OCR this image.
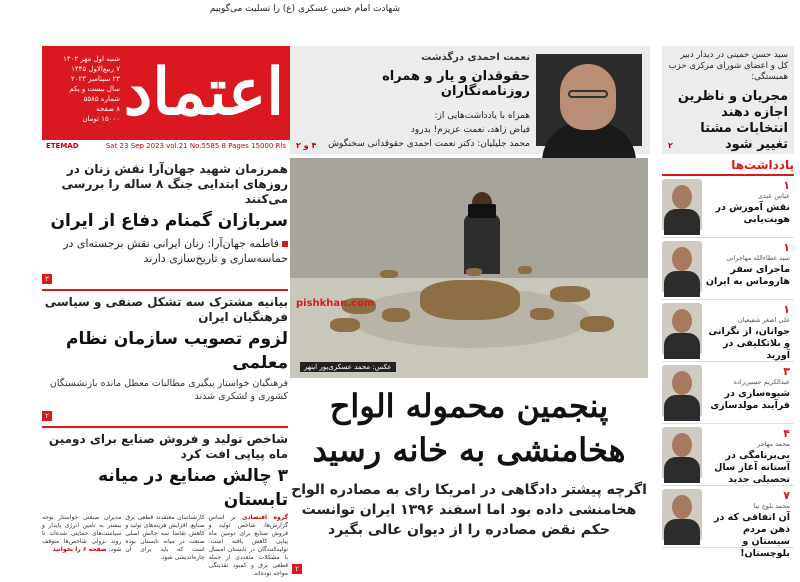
شهادت امام حسن عسکری (ع) را تسلیت می‌گوییم
اعتماد
شنبه اول مهر ۱۴۰۲
۷ ربیع‌الاول ۱۴۴۵
۲۳ سپتامبر ۲۰۲۳
سال بیست و یکم
شماره ۵۵۸۵
۸ صفحه
۱۵۰۰۰ تومان
ETEMAD	Sat 23 Sep 2023 vol.21 No.5585 8 Pages 15000 Rls
نعمت احمدی درگذشت
حقوقدان و یار و همراه روزنامه‌نگاران
همراه با یادداشت‌هایی از:
فیاض زاهد، نعمت عزیزم! بدرود
محمد جلیلیان: دکتر نعمت احمدی حقوقدانی سخنگوش
۴ و ۲
سید حسن خمینی در دیدار دبیر کل و اعضای شورای مرکزی حزب همبستگی:
مجریان و ناظرین اجازه دهند انتخابات مشتا تغییر شود
۲
همرزمان شهید جهان‌آرا نقش زنان در روزهای ابتدایی جنگ ۸ ساله را بررسی می‌کنند
سربازان گمنام دفاع از ایران
فاطمه جهان‌آرا: زنان ایرانی نقش برجسته‌ای در حماسه‌سازی و تاریخ‌سازی دارند
۳
بیانیه مشترک سه تشکل صنفی و سیاسی فرهنگیان ایران
لزوم تصویب سازمان نظام معلمی
فرهنگیان خواستار پیگیری مطالبات معطل مانده بازنشستگان کشوری و لشکری شدند
۲
شاخص تولید و فروش صنایع برای دومین ماه پیاپی افت کرد
۳ چالش صنایع در میانه تابستان
گروه اقتصادی بر اساس گزارش‌ها، شاخص تولید و فروش صنایع برای دومین ماه پیاپی کاهش یافته است. تولیدکنندگان در تابستان امسال با مشکلات متعددی از جمله قطعی برق و کمبود نقدینگی مواجه بوده‌اند.
کارشناسان معتقدند قطعی برق صنایع، افزایش هزینه‌های تولید و کاهش تقاضا سه چالش اصلی صنعت در میانه تابستان بوده است که باید برای آن چاره‌اندیشی شود.
مدیران صنعتی خواستار توجه بیشتر به تامین انرژی پایدار و سیاست‌های حمایتی شده‌اند تا روند نزولی شاخص‌ها متوقف شود. صفحه ۶ را بخوانید
pishkhan.com
عکس: محمد عسکری‌پور اینهر
پنجمین محموله الواح هخامنشی به خانه رسید

اگرچه پیشتر دادگاهی در امریکا رای به مصادره الواح هخامنشی داده بود اما اسفند ۱۳۹۶ ایران توانست حکم نقض مصادره را از دیوان عالی بگیرد

۲
یادداشت‌ها
۱
عباس عبدی
نقش آموزش در هویت‌یابی
۱
سید عطاءالله مهاجرانی
ماجرای سفر هاروماس به ایران
۱
علی اصغر شفیعیان
جوانان، از نگرانی و بلاتکلیفی در آورید
۳
عبدالکریم حسین‌زاده
شیوه‌سازی در فرآیند مولدسازی
۴
محمد مهاجر
بی‌برنامگی در آستانه آغاز سال تحصیلی جدید
۷
محمد بلوچ نیا
آن اتفاقی که در ذهن مردم سیستان و بلوچستان!
